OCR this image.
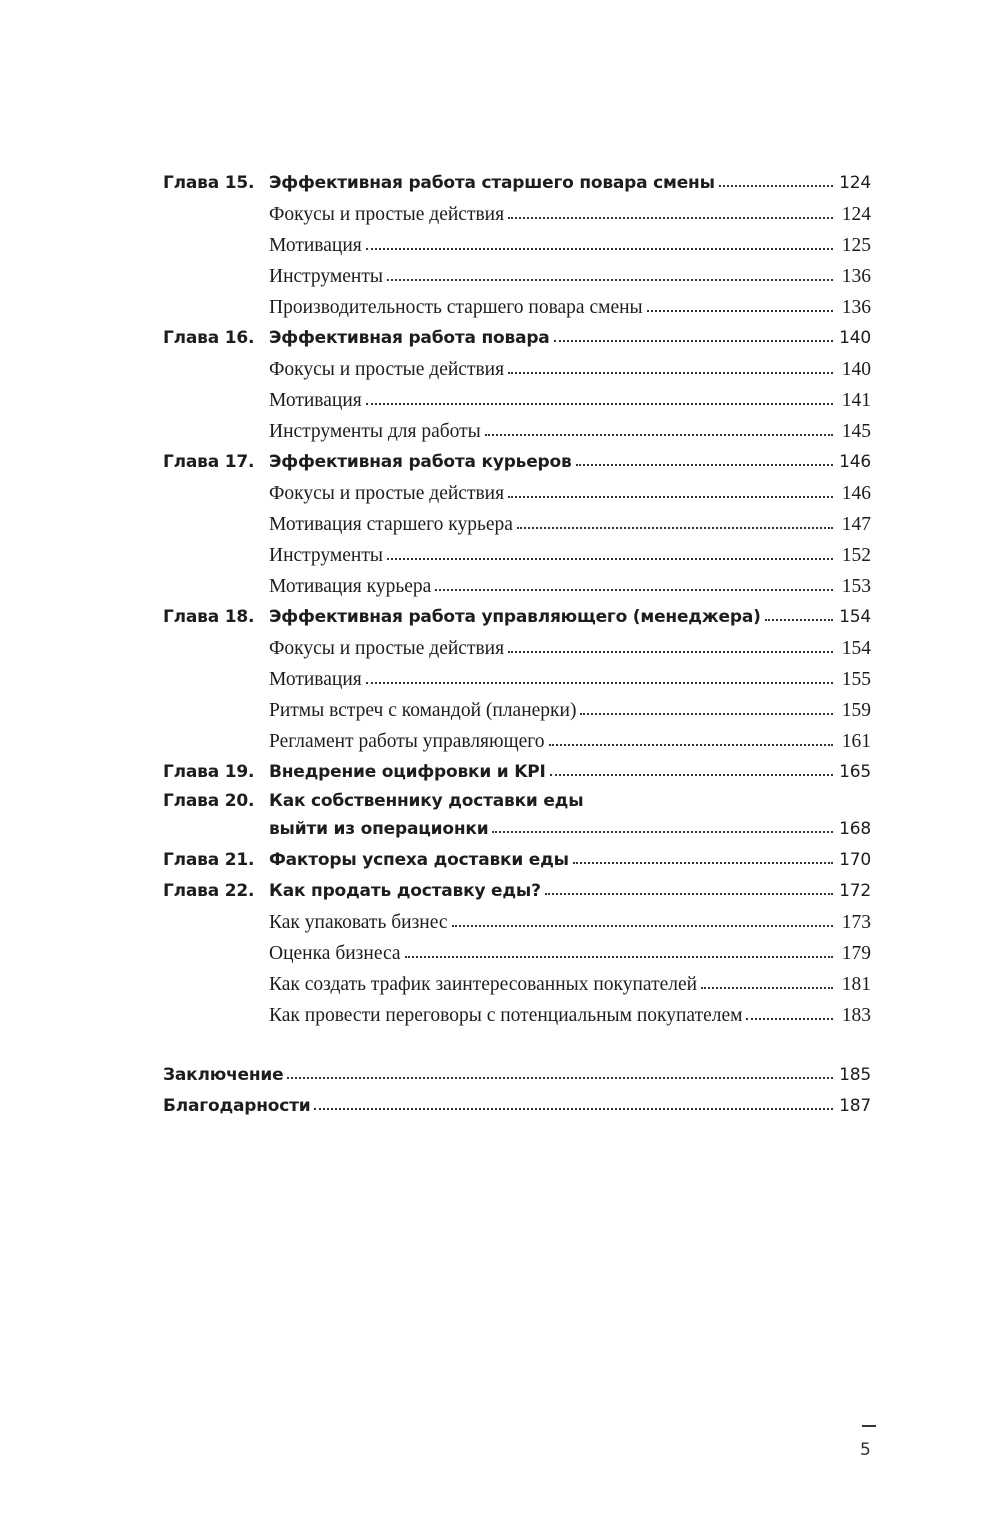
Глава 15. Эффективная работа старшего повара смены	124
Фокусы и простые действия	124
Мотивация	125
Инструменты	136
Производительность старшего повара смены	136
Глава 16. Эффективная работа повара	140
Фокусы и простые действия	140
Мотивация	141
Инструменты для работы	145
Глава 17. Эффективная работа курьеров	146
Фокусы и простые действия	146
Мотивация старшего курьера	147
Инструменты	152
Мотивация курьера	153
Глава 18. Эффективная работа управляющего (менеджера)	154
Фокусы и простые действия	154
Мотивация	155
Ритмы встреч с командой (планерки)	159
Регламент работы управляющего	161
Глава 19. Внедрение оцифровки и KPI	165
Глава 20. Как собственнику доставки еды
выйти из операционки	168
Глава 21. Факторы успеха доставки еды	170
Глава 22. Как продать доставку еды?	172
Как упаковать бизнес	173
Оценка бизнеса	179
Как создать трафик заинтересованных покупателей	181
Как провести переговоры с потенциальным покупателем	183
Заключение	185
Благодарности	187
5
